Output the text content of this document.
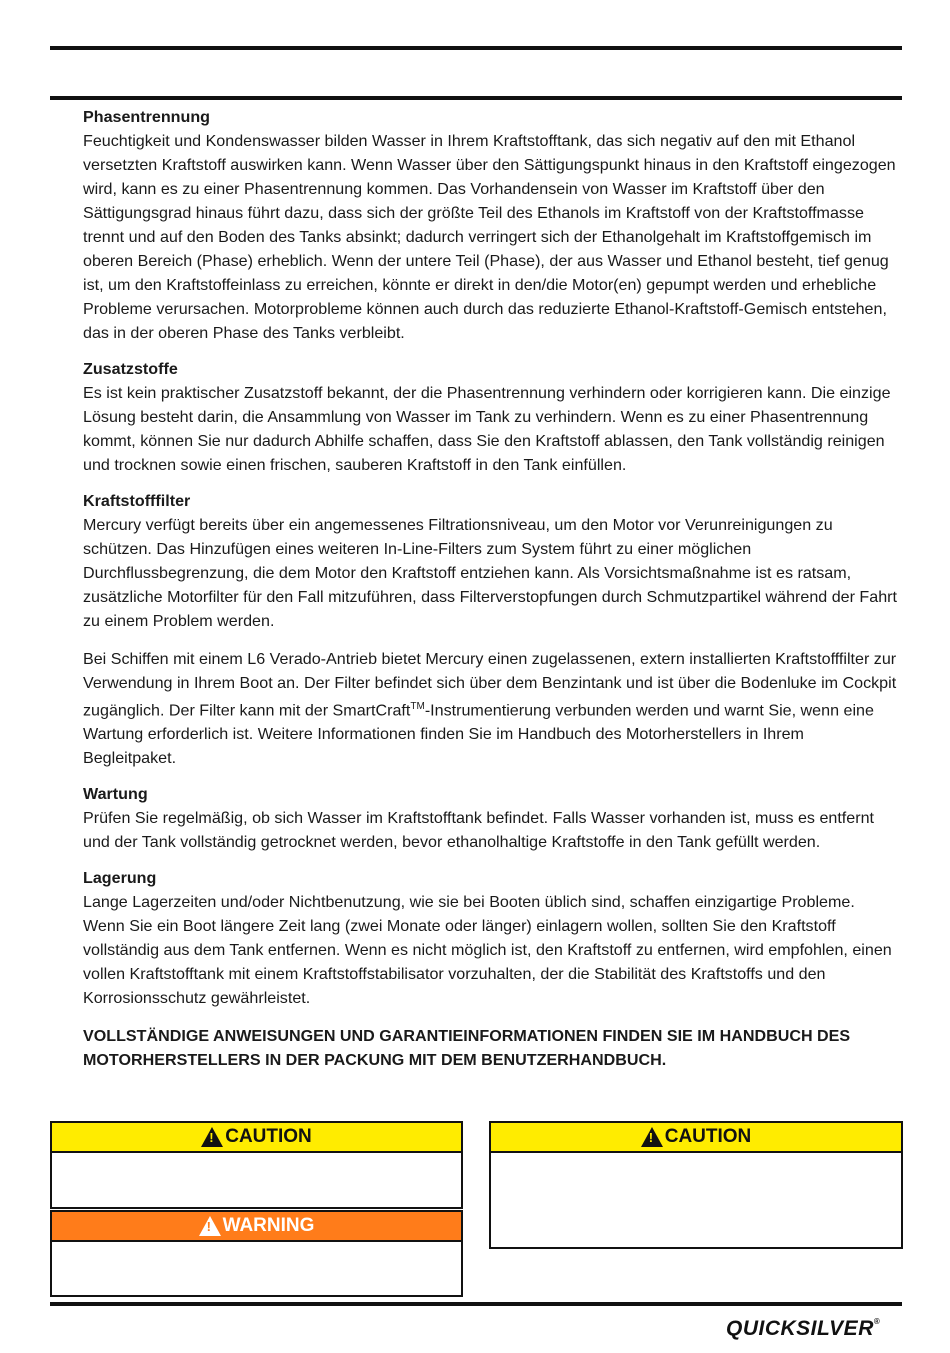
Phasentrennung

Feuchtigkeit und Kondenswasser bilden Wasser in Ihrem Kraftstofftank, das sich negativ auf den mit Ethanol versetzten Kraftstoff auswirken kann. Wenn Wasser über den Sättigungspunkt hinaus in den Kraftstoff eingezogen wird, kann es zu einer Phasentrennung kommen. Das Vorhandensein von Wasser im Kraftstoff über den Sättigungsgrad hinaus führt dazu, dass sich der größte Teil des Ethanols im Kraftstoff von der Kraftstoffmasse trennt und auf den Boden des Tanks absinkt; dadurch verringert sich der Ethanolgehalt im Kraftstoffgemisch im oberen Bereich (Phase) erheblich. Wenn der untere Teil (Phase), der aus Wasser und Ethanol besteht, tief genug ist, um den Kraftstoffeinlass zu erreichen, könnte er direkt in den/die Motor(en) gepumpt werden und erhebliche Probleme verursachen. Motorprobleme können auch durch das reduzierte Ethanol-Kraftstoff-Gemisch entstehen, das in der oberen Phase des Tanks verbleibt.

Zusatzstoffe

Es ist kein praktischer Zusatzstoff bekannt, der die Phasentrennung verhindern oder korrigieren kann. Die einzige Lösung besteht darin, die Ansammlung von Wasser im Tank zu verhindern. Wenn es zu einer Phasentrennung kommt, können Sie nur dadurch Abhilfe schaffen, dass Sie den Kraftstoff ablassen, den Tank vollständig reinigen und trocknen sowie einen frischen, sauberen Kraftstoff in den Tank einfüllen.

Kraftstofffilter

Mercury verfügt bereits über ein angemessenes Filtrationsniveau, um den Motor vor Verunreinigungen zu schützen. Das Hinzufügen eines weiteren In-Line-Filters zum System führt zu einer möglichen Durchflussbegrenzung, die dem Motor den Kraftstoff entziehen kann. Als Vorsichtsmaßnahme ist es ratsam, zusätzliche Motorfilter für den Fall mitzuführen, dass Filterverstopfungen durch Schmutzpartikel während der Fahrt zu einem Problem werden.

Bei Schiffen mit einem L6 Verado-Antrieb bietet Mercury einen zugelassenen, extern installierten Kraftstofffilter zur Verwendung in Ihrem Boot an. Der Filter befindet sich über dem Benzintank und ist über die Bodenluke im Cockpit zugänglich. Der Filter kann mit der SmartCraft™-Instrumentierung verbunden werden und warnt Sie, wenn eine Wartung erforderlich ist. Weitere Informationen finden Sie im Handbuch des Motorherstellers in Ihrem Begleitpaket.

Wartung

Prüfen Sie regelmäßig, ob sich Wasser im Kraftstofftank befindet. Falls Wasser vorhanden ist, muss es entfernt und der Tank vollständig getrocknet werden, bevor ethanolhaltige Kraftstoffe in den Tank gefüllt werden.

Lagerung

Lange Lagerzeiten und/oder Nichtbenutzung, wie sie bei Booten üblich sind, schaffen einzigartige Probleme. Wenn Sie ein Boot längere Zeit lang (zwei Monate oder länger) einlagern wollen, sollten Sie den Kraftstoff vollständig aus dem Tank entfernen. Wenn es nicht möglich ist, den Kraftstoff zu entfernen, wird empfohlen, einen vollen Kraftstofftank mit einem Kraftstoffstabilisator vorzuhalten, der die Stabilität des Kraftstoffs und den Korrosionsschutz gewährleistet.

VOLLSTÄNDIGE ANWEISUNGEN UND GARANTIEINFORMATIONEN FINDEN SIE IM HANDBUCH DES MOTORHERSTELLERS IN DER PACKUNG MIT DEM BENUTZERHANDBUCH.
! CAUTION
! WARNING
! CAUTION
QUICKSILVER®
